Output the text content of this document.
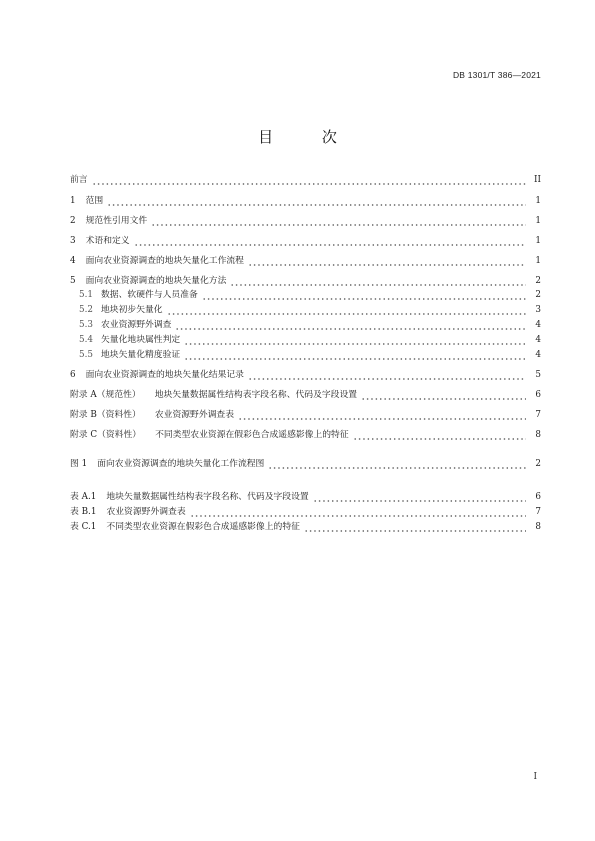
DB 1301/T 386—2021
目 次
前言	II
1 范围	1
2 规范性引用文件	1
3 术语和定义	1
4 面向农业资源调查的地块矢量化工作流程	1
5 面向农业资源调查的地块矢量化方法	2
5.1 数据、软硬件与人员准备	2
5.2 地块初步矢量化	3
5.3 农业资源野外调查	4
5.4 矢量化地块属性判定	4
5.5 地块矢量化精度验证	4
6 面向农业资源调查的地块矢量化结果记录	5
附录 A（规范性） 地块矢量数据属性结构表字段名称、代码及字段设置	6
附录 B（资料性） 农业资源野外调查表	7
附录 C（资料性） 不同类型农业资源在假彩色合成遥感影像上的特征	8
图 1 面向农业资源调查的地块矢量化工作流程图	2
表 A.1 地块矢量数据属性结构表字段名称、代码及字段设置	6
表 B.1 农业资源野外调查表	7
表 C.1 不同类型农业资源在假彩色合成遥感影像上的特征	8
I
